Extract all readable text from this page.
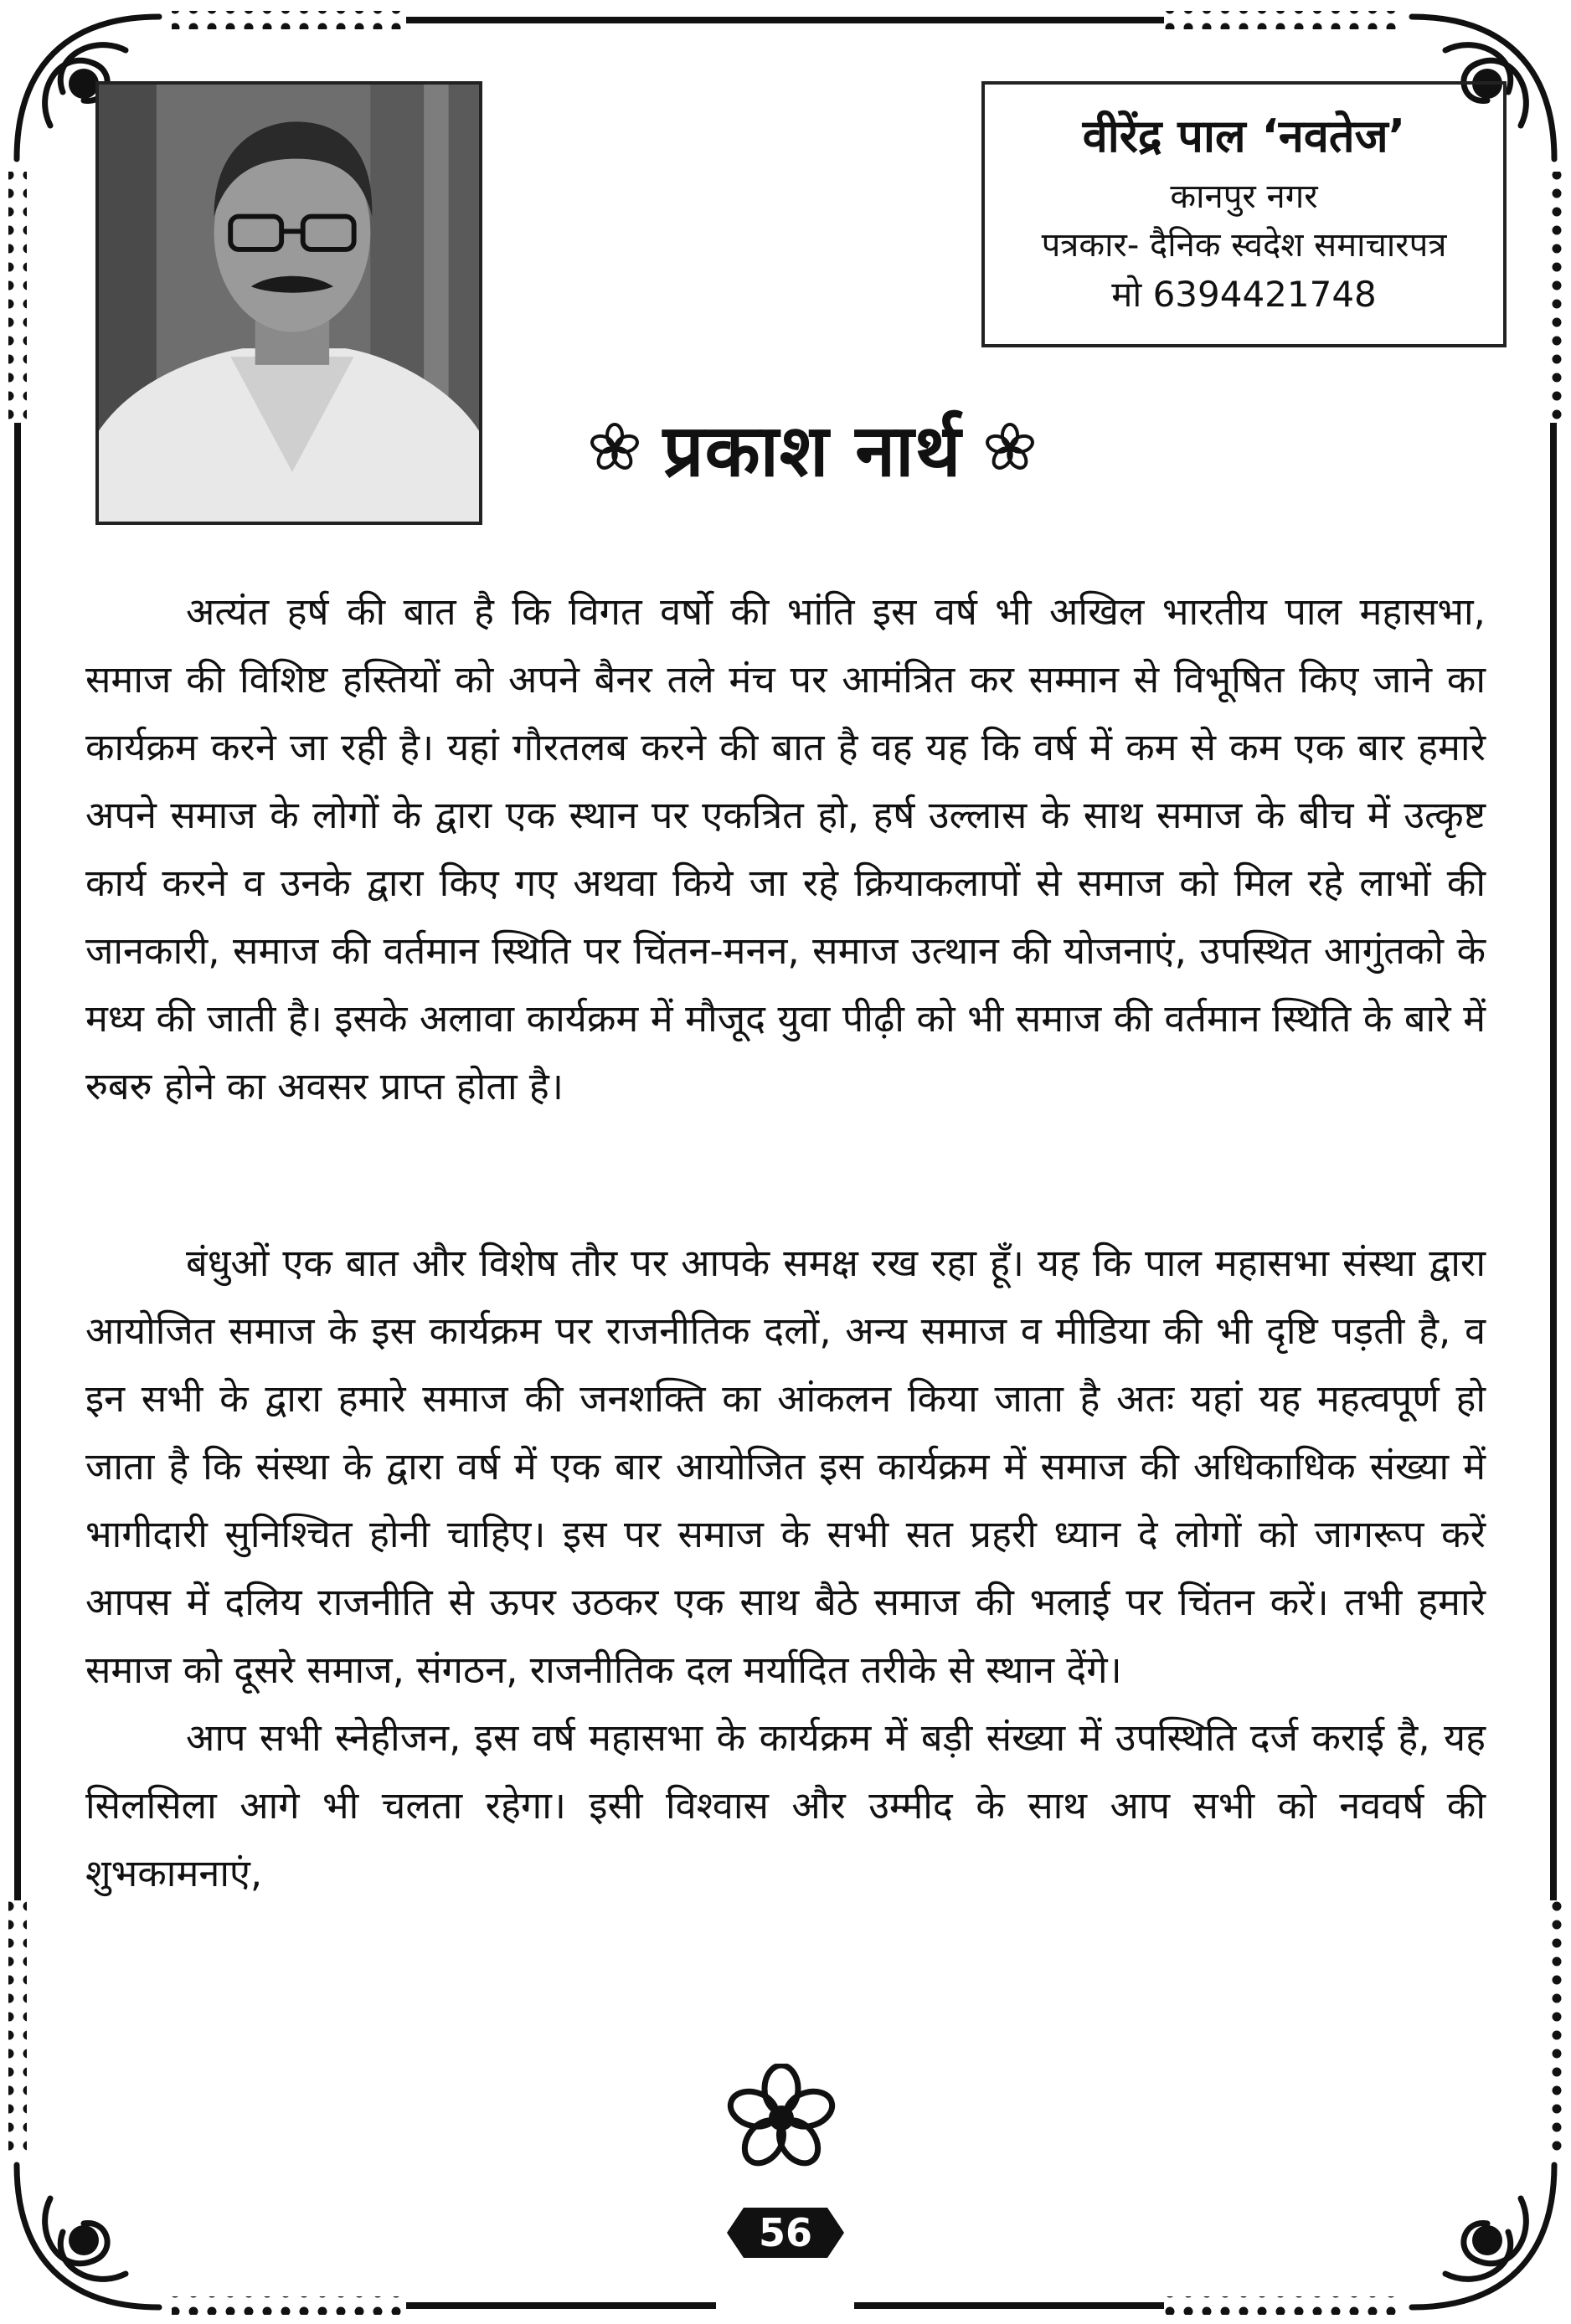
वीरेंद्र पाल ‘नवतेज’
कानपुर नगर
पत्रकार- दैनिक स्वदेश समाचारपत्र
मो 6394421748
प्रकाश नार्थ

अत्यंत हर्ष की बात है कि विगत वर्षो की भांति इस वर्ष भी अखिल भारतीय पाल महासभा, समाज की विशिष्ट हस्तियों को अपने बैनर तले मंच पर आमंत्रित कर सम्मान से विभूषित किए जाने का कार्यक्रम करने जा रही है। यहां गौरतलब करने की बात है वह यह कि वर्ष में कम से कम एक बार हमारे अपने समाज के लोगों के द्वारा एक स्थान पर एकत्रित हो, हर्ष उल्लास के साथ समाज के बीच में उत्कृष्ट कार्य करने व उनके द्वारा किए गए अथवा किये जा रहे क्रियाकलापों से समाज को मिल रहे लाभों की जानकारी, समाज की वर्तमान स्थिति पर चिंतन-मनन, समाज उत्थान की योजनाएं, उपस्थित आगुंतको के मध्य की जाती है। इसके अलावा कार्यक्रम में मौजूद युवा पीढ़ी को भी समाज की वर्तमान स्थिति के बारे में रुबरु होने का अवसर प्राप्त होता है।

बंधुओं एक बात और विशेष तौर पर आपके समक्ष रख रहा हूँ। यह कि पाल महासभा संस्था द्वारा आयोजित समाज के इस कार्यक्रम पर राजनीतिक दलों, अन्य समाज व मीडिया की भी दृष्टि पड़ती है, व इन सभी के द्वारा हमारे समाज की जनशक्ति का आंकलन किया जाता है अतः यहां यह महत्वपूर्ण हो जाता है कि संस्था के द्वारा वर्ष में एक बार आयोजित इस कार्यक्रम में समाज की अधिकाधिक संख्या में भागीदारी सुनिश्चित होनी चाहिए। इस पर समाज के सभी सत प्रहरी ध्यान दे लोगों को जागरूप करें आपस में दलिय राजनीति से ऊपर उठकर एक साथ बैठे समाज की भलाई पर चिंतन करें। तभी हमारे समाज को दूसरे समाज, संगठन, राजनीतिक दल मर्यादित तरीके से स्थान देंगे।

आप सभी स्नेहीजन, इस वर्ष महासभा के कार्यक्रम में बड़ी संख्या में उपस्थिति दर्ज कराई है, यह सिलसिला आगे भी चलता रहेगा। इसी विश्वास और उम्मीद के साथ आप सभी को नववर्ष की शुभकामनाएं,

56
